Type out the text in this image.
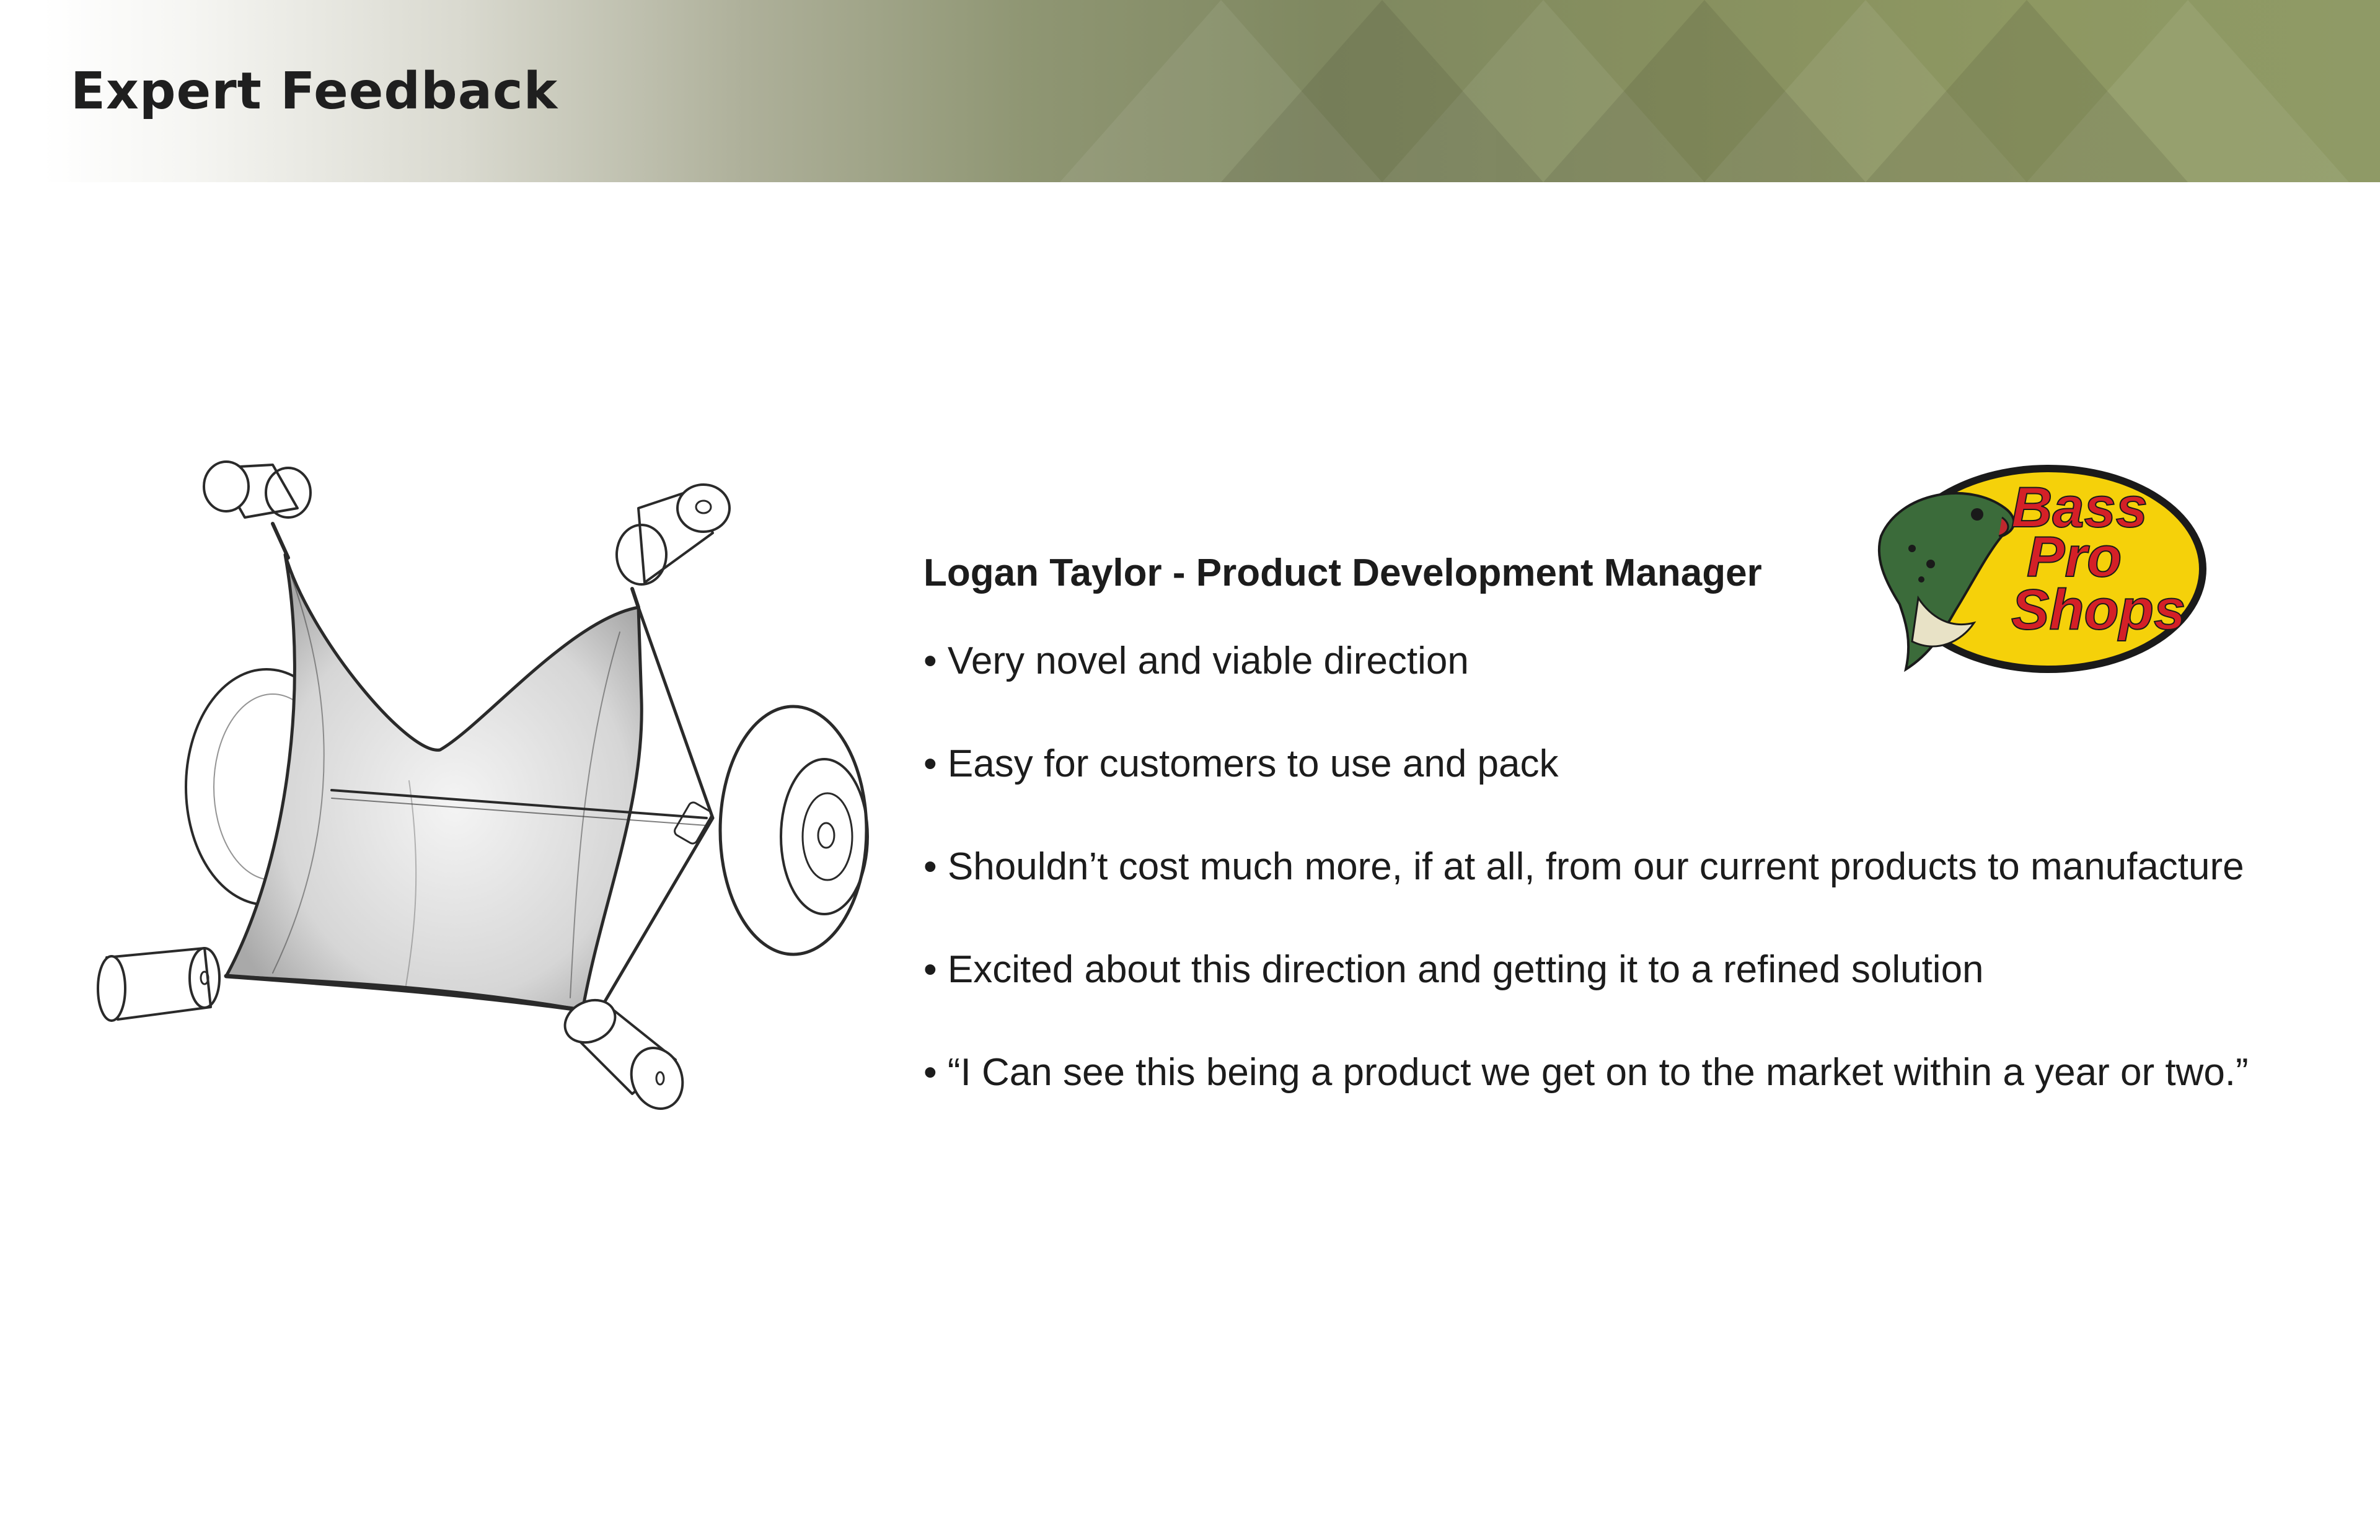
Expert Feedback
Logan Taylor - Product Development Manager
• Very novel and viable direction
• Easy for customers to use and pack
• Shouldn’t cost much more, if at all, from our current products to manufacture
• Excited about this direction and getting it to a refined solution
• “I Can see this being a product we get on to the market within a year or two.”
Bass
Pro
Shops
